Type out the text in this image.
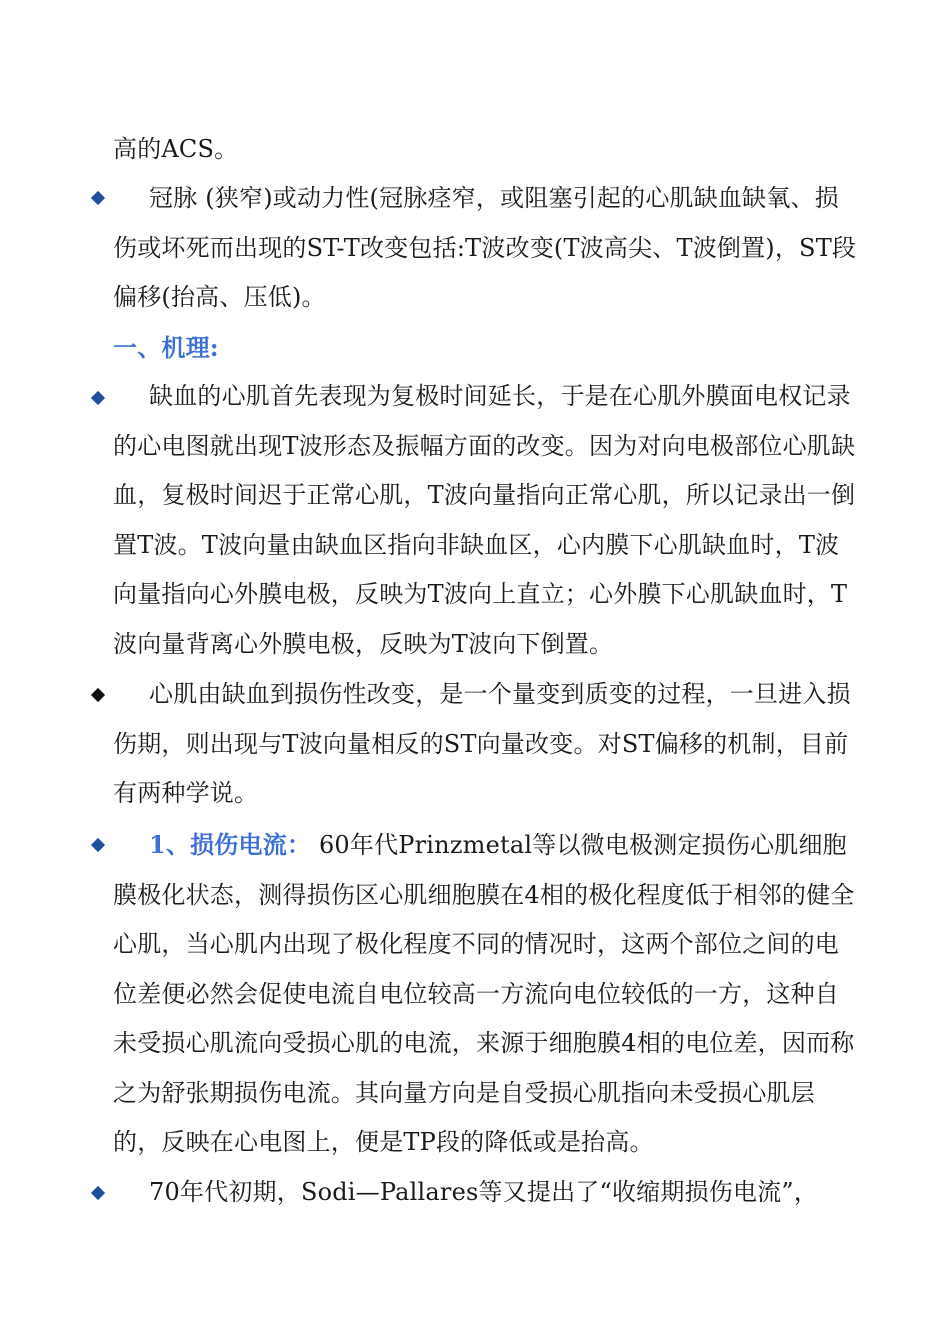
高的ACS。

冠脉 (狭窄)或动力性(冠脉痉窄，或阻塞引起的心肌缺血缺氧、损伤或坏死而出现的ST-T改变包括:T波改变(T波高尖、T波倒置)，ST段偏移(抬高、压低)。

一、机理:

缺血的心肌首先表现为复极时间延长，于是在心肌外膜面电权记录的心电图就出现T波形态及振幅方面的改变。因为对向电极部位心肌缺血，复极时间迟于正常心肌，T波向量指向正常心肌，所以记录出一倒置T波。T波向量由缺血区指向非缺血区，心内膜下心肌缺血时，T波向量指向心外膜电极，反映为T波向上直立；心外膜下心肌缺血时，T波向量背离心外膜电极，反映为T波向下倒置。

心肌由缺血到损伤性改变，是一个量变到质变的过程，一旦进入损伤期，则出现与T波向量相反的ST向量改变。对ST偏移的机制，目前有两种学说。

1、损伤电流： 60年代Prinzmetal等以微电极测定损伤心肌细胞膜极化状态，测得损伤区心肌细胞膜在4相的极化程度低于相邻的健全心肌，当心肌内出现了极化程度不同的情况时，这两个部位之间的电位差便必然会促使电流自电位较高一方流向电位较低的一方，这种自未受损心肌流向受损心肌的电流，来源于细胞膜4相的电位差，因而称之为舒张期损伤电流。其向量方向是自受损心肌指向未受损心肌层的，反映在心电图上，便是TP段的降低或是抬高。

70年代初期，Sodi—Pallares等又提出了“收缩期损伤电流”，
